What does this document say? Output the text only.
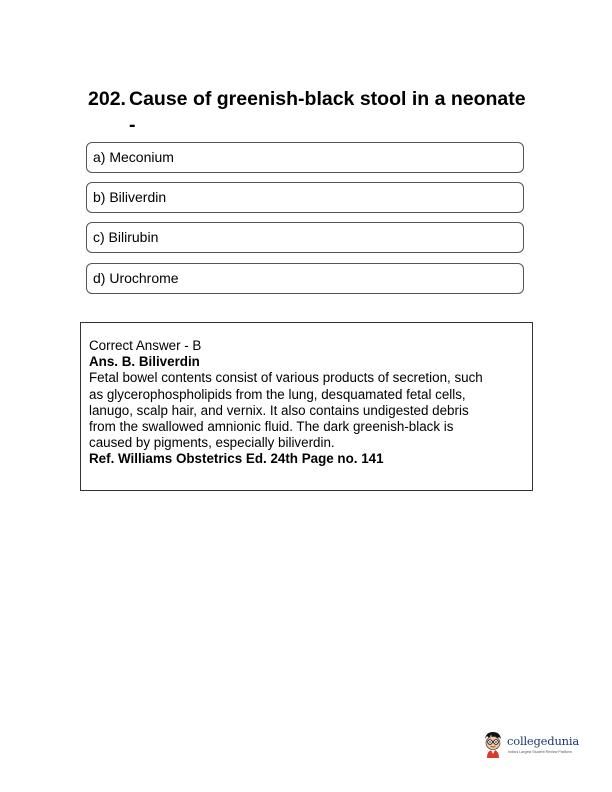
202. Cause of greenish-black stool in a neonate -
a) Meconium
b) Biliverdin
c) Bilirubin
d) Urochrome
Correct Answer - B
Ans. B. Biliverdin
Fetal bowel contents consist of various products of secretion, such
as glycerophospholipids from the lung, desquamated fetal cells,
lanugo, scalp hair, and vernix. It also contains undigested debris
from the swallowed amnionic fluid. The dark greenish-black is
caused by pigments, especially biliverdin.
Ref. Williams Obstetrics Ed. 24th Page no. 141
collegedunia
India's Largest Student Review Platform
